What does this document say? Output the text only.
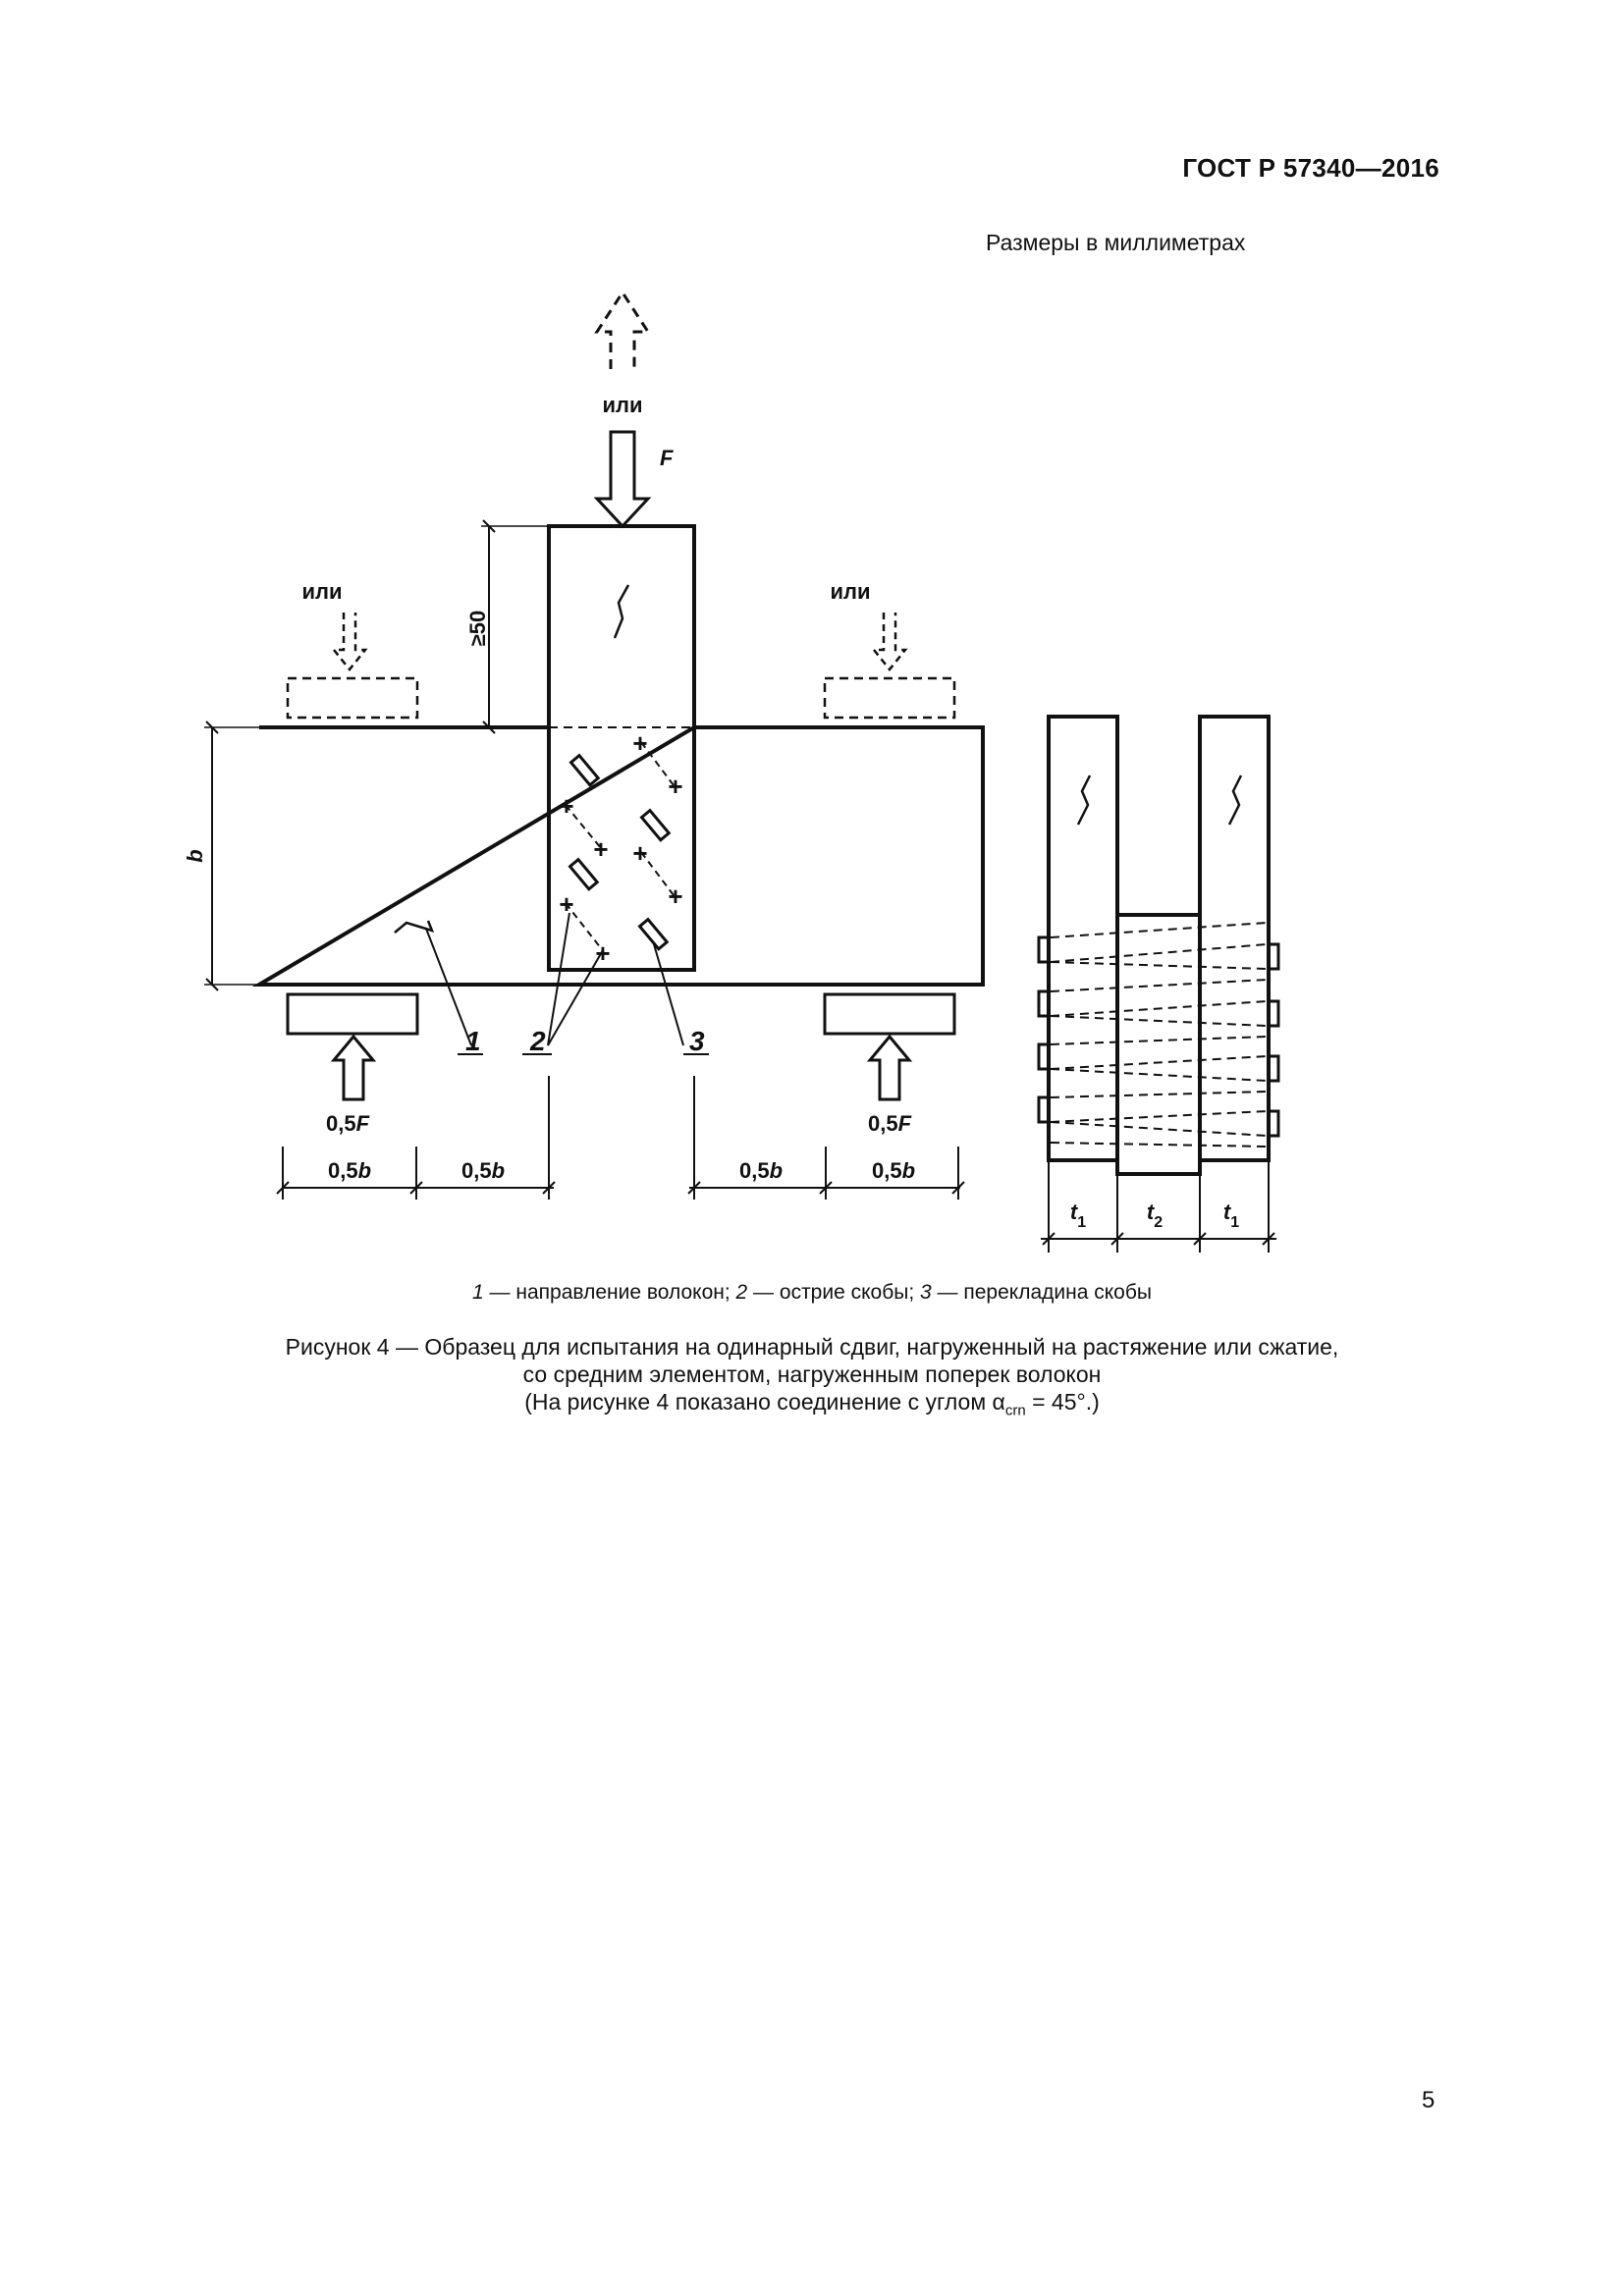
ГОСТ Р 57340—2016
Размеры в миллиметрах
или
F
+
+
+
+ +
+
+
+
1 2	3
≥50
b
или	или
0,5F	0,5F
0,5b	0,5b	0,5b	0,5b
$t_1$	$t_2$	$t_1$
1 — направление волокон; 2 — острие скобы; 3 — перекладина скобы
Рисунок 4 — Образец для испытания на одинарный сдвиг, нагруженный на растяжение или сжатие,
со средним элементом, нагруженным поперек волокон
(На рисунке 4 показано соединение с углом $\alpha_{crn} = 45^\circ$.)
5
